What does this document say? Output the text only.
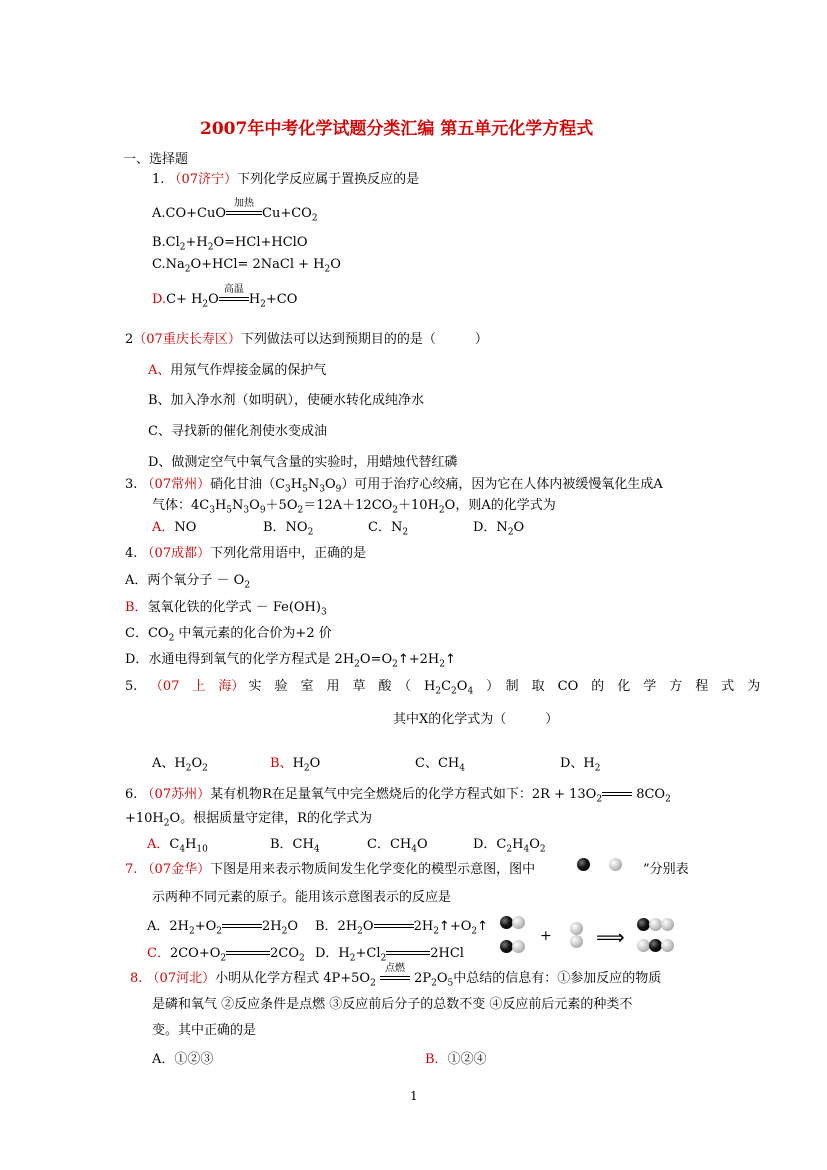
2007年中考化学试题分类汇编 第五单元化学方程式
一、选择题
1. （07济宁）下列化学反应属于置换反应的是
A.CO+CuO
加热
$Cu+CO_2$
$B.Cl_2+H_2O=HCl+HClO$
$C.Na_2O+HCl=$ 2NaCl + $H_2O$
$D.C+ H_2O$
高温
$H_2+CO$
2（07重庆长寿区）下列做法可以达到预期目的的是（　　　）
A、用氖气作焊接金属的保护气
B、加入净水剂（如明矾），使硬水转化成纯净水
C、寻找新的催化剂使水变成油
D、做测定空气中氧气含量的实验时，用蜡烛代替红磷
3. （07常州）硝化甘油$(C_3H_5N_3O_9)$可用于治疗心绞痛，因为它在人体内被缓慢氧化生成A
气体：$4C_3H_5N_3O_9+5O_2=12A+12CO_2+10H_2O$，则A的化学式为
A．NO	B．$NO_2$	C．$N_2$	D．$N_2O$
4. （07成都）下列化常用语中，正确的是
A．两个氧分子 － $O_2$
B．氢氧化铁的化学式 － $Fe(OH)_3$
C．$CO_2$ 中氧元素的化合价为+2 价
D．水通电得到氧气的化学方程式是 $2H_2O=O_2↑+2H_2↑$
5. （07　上　海） 实　验　室　用　草　酸　（　$H_2C_2O_4$　）　制　取　CO　的　化　学　方　程　式　为
其中X的化学式为（　　　）
A、$H_2O_2$	B、$H_2O$	C、$CH_4$	D、$H_2$
6. （07苏州）某有机物R在足量氧气中完全燃烧后的化学方程式如下：$2R + 13O_2$	$8CO_2$
$+10H_2O$。根据质量守定律，R的化学式为
A．$C_4H_{10}$	B．$CH_4$	C．$CH_4O$	D．$C_2H_4O_2$
7. （07金华）下图是用来表示物质间发生化学变化的模型示意图，图中	”分别表
示两种不同元素的原子。能用该示意图表示的反应是
A．$2H_2+O_2$	$2H_2O$ B．$2H_2O$	$2H_2↑+O_2↑$
C．$2CO+O_2$	$2CO_2$ D．$H_2+Cl_2$	2HCl
+ ⟹
8. （07河北）小明从化学方程式 $4P+5O_2$
点燃
$2P_2O_5$中总结的信息有：①参加反应的物质
是磷和氧气 ②反应条件是点燃 ③反应前后分子的总数不变 ④反应前后元素的种类不
变。其中正确的是
A．①②③	B．①②④
1
